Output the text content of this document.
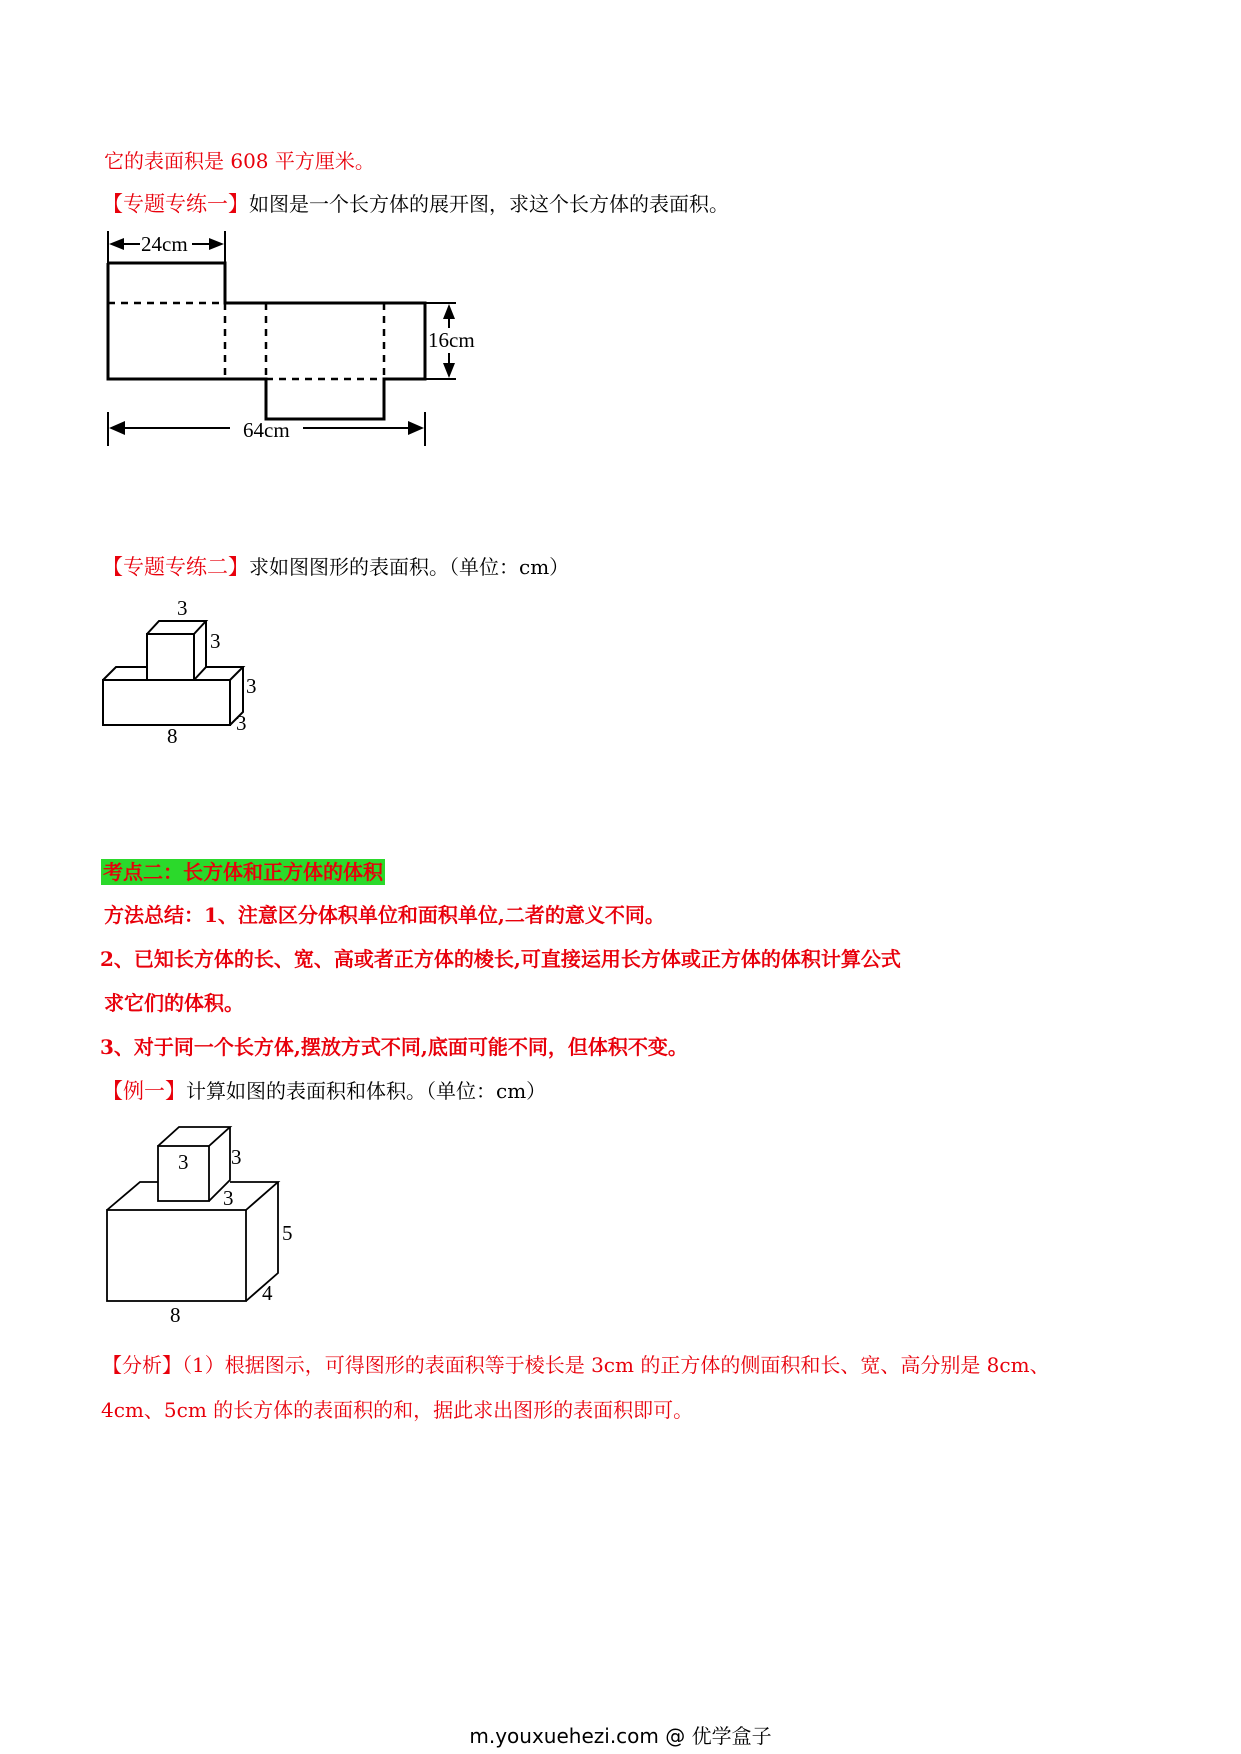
它的表面积是 608 平方厘米。
【专题专练一】如图是一个长方体的展开图，求这个长方体的表面积。
24cm
16cm
64cm
【专题专练二】求如图图形的表面积。（单位：cm）
3
3
3
3
8
考点二：长方体和正方体的体积
方法总结：1、注意区分体积单位和面积单位,二者的意义不同。
2、已知长方体的长、宽、高或者正方体的棱长,可直接运用长方体或正方体的体积计算公式
求它们的体积。
3、对于同一个长方体,摆放方式不同,底面可能不同，但体积不变。
【例一】计算如图的表面积和体积。（单位：cm）
3 3
3
5
4
8
【分析】（1）根据图示，可得图形的表面积等于棱长是 3cm 的正方体的侧面积和长、宽、高分别是 8cm、
4cm、5cm 的长方体的表面积的和，据此求出图形的表面积即可。
m.youxuehezi.com @ 优学盒子
